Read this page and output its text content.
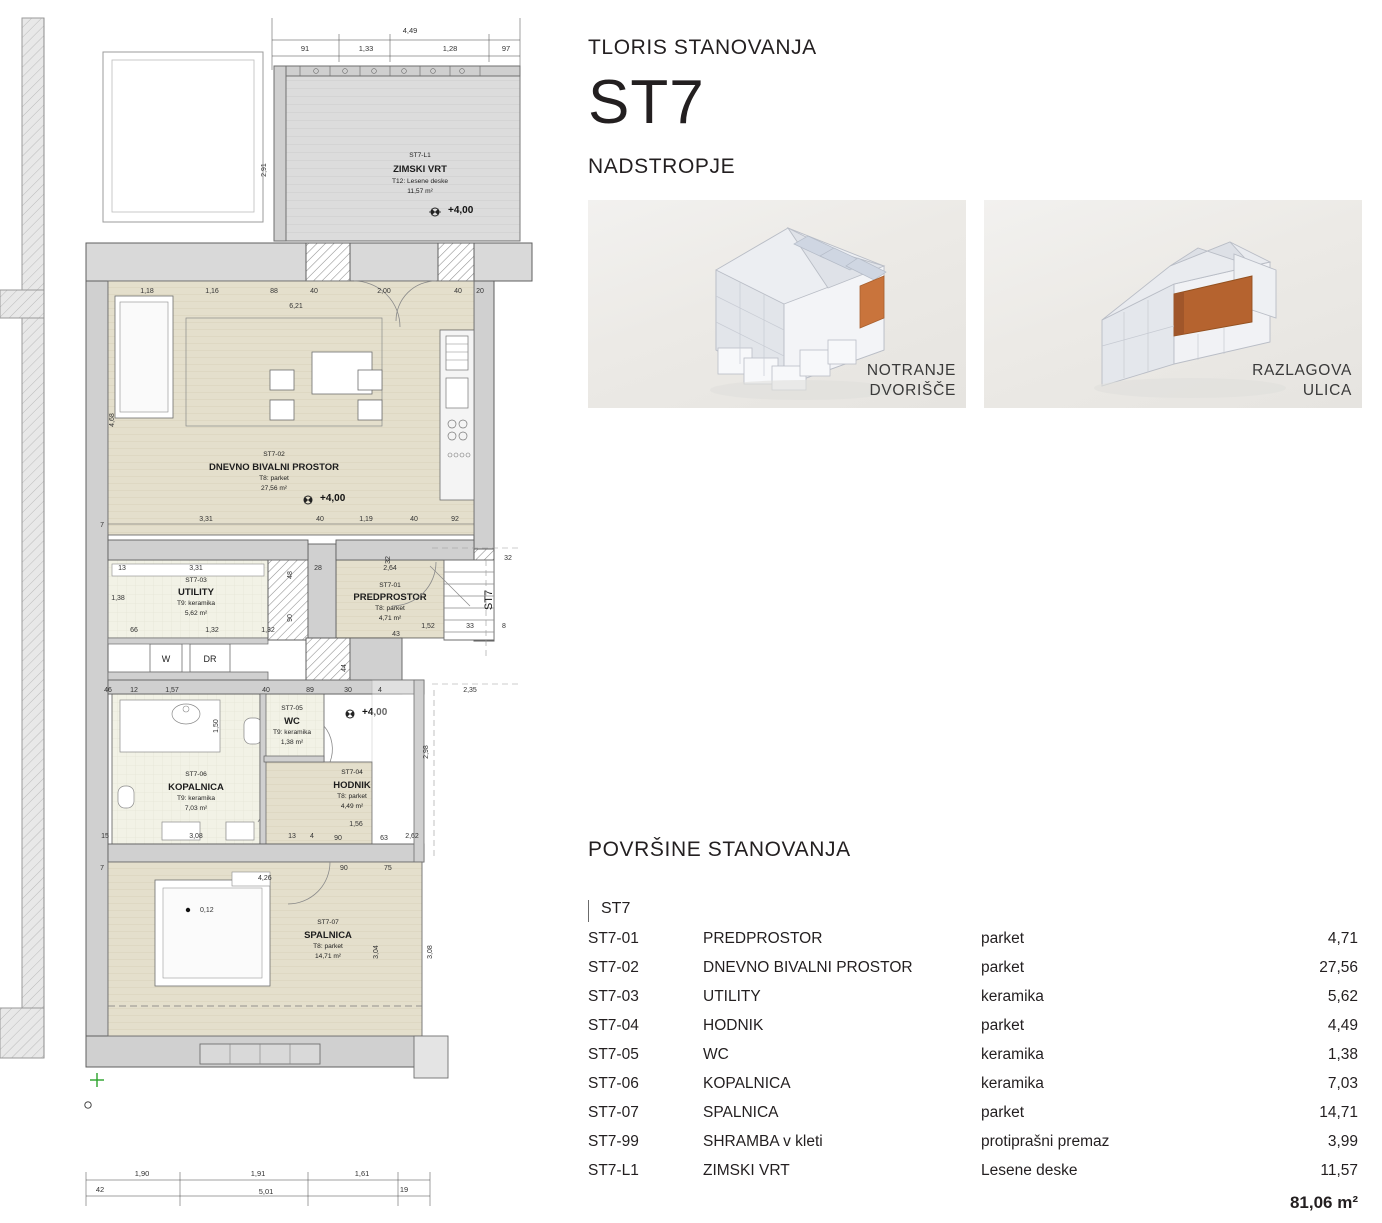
4,49
91	1,33	1,28	97
ST7-L1
ZIMSKI VRT
T12: Lesene deske
11,57 m²
+4,00
2,91
ST7-02
DNEVNO BIVALNI PROSTOR
T8: parket
27,56 m²
+4,00
7
3,31	40	1,19	40	92
1,18	1,16	88	40	2,00	40 20
6,21
4,68
ST7-03
UTILITY
T9: keramika
5,62 m²
W	DR
ST7-01
PREDPROSTOR
T8: parket
4,71 m²
ST7
13	3,31
48
28	2,64
1,38
90
66	1,32	1,32
43
1,52	33	8
44
32	32
ST7-06
KOPALNICA
T9: keramika
7,03 m²
ST7-05
WC
T9: keramika
1,38 m²
ST7-04
HODNIK
T8: parket
4,49 m²
+4,00
46	12	1,57	40	89	30	4	2,35
1,50
2,98
15	3,08	13 4
1,56
90	63 2,62
ST7-07
SPALNICA
T8: parket
14,71 m²
0,12
4,26
3,04	3,08
90	75
7
1,90	1,91	1,61
42	5,01	19
TLORIS STANOVANJA
ST7
NADSTROPJE
NOTRANJE
DVORIŠČE
RAZLAGOVA
ULICA
POVRŠINE STANOVANJA
ST7
ST7-01	PREDPROSTOR	parket	4,71
ST7-02	DNEVNO BIVALNI PROSTOR	parket	27,56
ST7-03	UTILITY	keramika	5,62
ST7-04	HODNIK	parket	4,49
ST7-05	WC	keramika	1,38
ST7-06	KOPALNICA	keramika	7,03
ST7-07	SPALNICA	parket	14,71
ST7-99	SHRAMBA v kleti	protiprašni premaz	3,99
ST7-L1	ZIMSKI VRT	Lesene deske	11,57
81,06 m²
